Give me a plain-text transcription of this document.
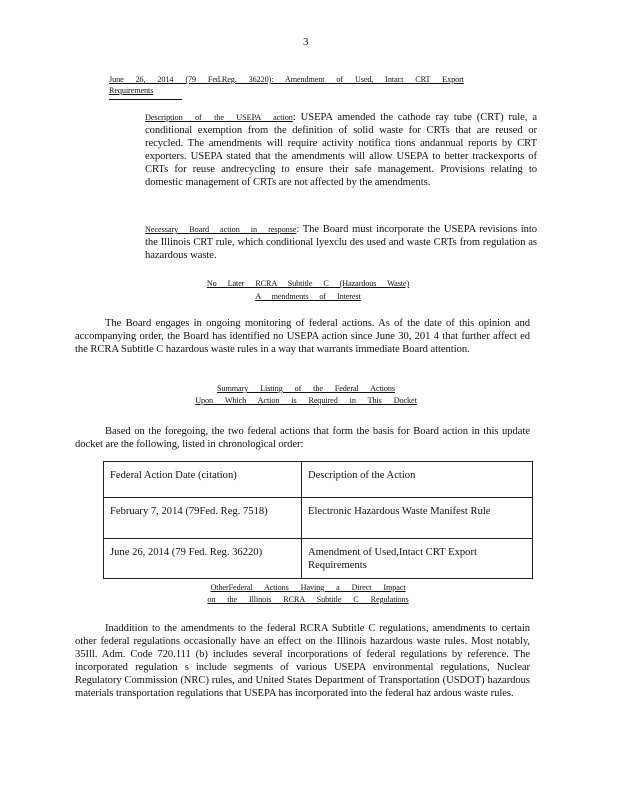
3
June 26, 2014 (79 Fed.Reg. 36220): Amendment of Used, Intact CRT Export
Requirements

Description of the USEPA action: USEPA amended the cathode ray tube (CRT) rule, a conditional exemption from the definition of solid waste for CRTs that are reused or recycled. The amendments will require activity notifica tions andannual reports by CRT exporters. USEPA stated that the amendments will allow USEPA to better trackexports of CRTs for reuse andrecycling to ensure their safe management. Provisions relating to domestic management of CRTs are not affected by the amendments.

Necessary Board action in response: The Board must incorporate the USEPA revisions into the Illinois CRT rule, which conditional lyexclu des used and waste CRTs from regulation as hazardous waste.

No Later RCRA Subtitle C (Hazardous Waste)
A mendments of Interest

The Board engages in ongoing monitoring of federal actions. As of the date of this opinion and accompanying order, the Board has identified no USEPA action since June 30, 201 4 that further affect ed the RCRA Subtitle C hazardous waste rules in a way that warrants immediate Board attention.

Summary Listing of the Federal Actions
Upon Which Action is Required in This Docket

Based on the foregoing, the two federal actions that form the basis for Board action in this update docket are the following, listed in chronological order:

Federal Action Date (citation)	Description of the Action
February 7, 2014 (79Fed. Reg. 7518)	Electronic Hazardous Waste Manifest Rule
June 26, 2014 (79 Fed. Reg. 36220)	Amendment of Used,Intact CRT Export Requirements
OtherFederal Actions Having a Direct Impact
on the Illinois RCRA Subtitle C Regulations

Inaddition to the amendments to the federal RCRA Subtitle C regulations, amendments to certain other federal regulations occasionally have an effect on the Illinois hazardous waste rules. Most notably, 35Ill. Adm. Code 720.111 (b) includes several incorporations of federal regulations by reference. The incorporated regulation s include segments of various USEPA environmental regulations, Nuclear Regulatory Commission (NRC) rules, and United States Department of Transportation (USDOT) hazardous materials transportation regulations that USEPA has incorporated into the federal haz ardous waste rules.
